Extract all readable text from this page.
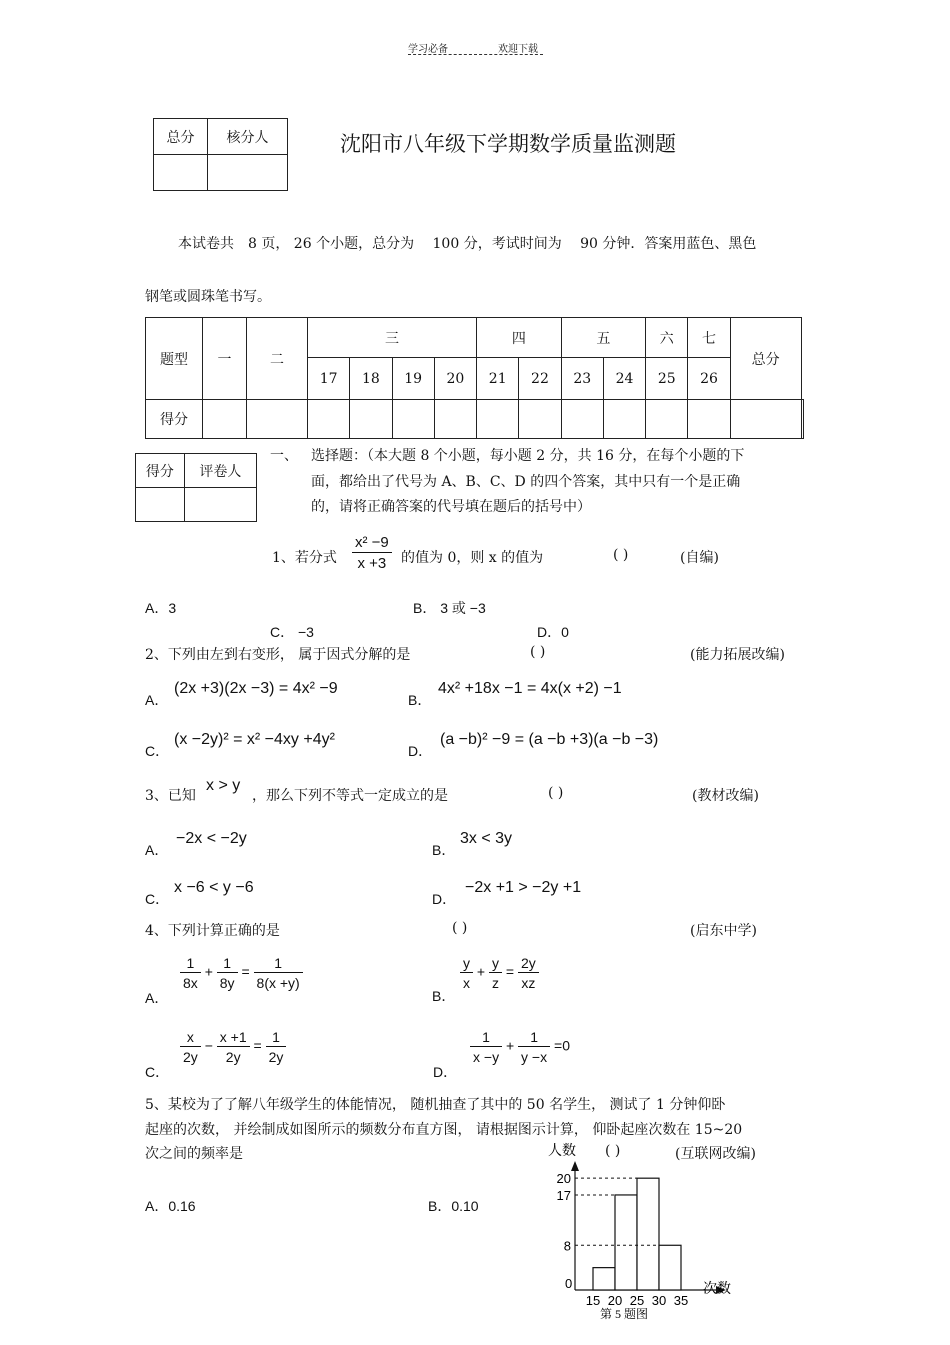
学习必备	欢迎下载
总分	核分人
		沈阳市八年级下学期数学质量监测题
本试卷共　8 页， 26 个小题，总分为　 100 分，考试时间为　 90 分钟．答案用蓝色、黑色
钢笔或圆珠笔书写。
题型	一	二	三				四		五		六	七	总分	
			17	18	19	20	21	22	23	24	25	26		
得分														
得分	评卷人

一、 选择题：（本大题 8 个小题，每小题 2 分，共 16 分，在每个小题的下
面，都给出了代号为 A、B、C、D 的四个答案，其中只有一个是正确
的，请将正确答案的代号填在题后的括号中）
1、若分式 $\frac{\text{x² −9}}{x +3}$ 的值为 0，则 x 的值为	( )	(自编)
A．3	B． 3 或 −3
C． −3	D．0
2、下列由左到右变形， 属于因式分解的是	( )	(能力拓展改编)
A．
(2x +3)(2x −3) = 4x² −9
B．
4x² +18x −1 = 4x(x +2) −1
C．
(x −2y)² = x² −4xy +4y²
D．
(a −b)² −9 = (a −b +3)(a −b −3)
3、已知
x > y
，那么下列不等式一定成立的是	( )	(教材改编)
A．
−2x < −2y
B．
3x < 3y
C．
x −6 < y −6
D．
−2x +1 > −2y +1
4、下列计算正确的是	( )	(启东中学)
A．
$\frac{1}{8x} + \frac{1}{8y} = \frac{1}{8(x +y)}$
B．
$\frac{y}{x} + \frac{y}{z} = \frac{2y}{xz}$
C．
$\frac{x}{2y} - \frac{x +1}{2y} = \frac{1}{2y}$
D．
$\frac{1}{x -y} + \frac{1}{y -x} =0$
5、某校为了了解八年级学生的体能情况， 随机抽查了其中的 50 名学生， 测试了 1 分钟仰卧
起座的次数， 并绘制成如图所示的频数分布直方图， 请根据图示计算， 仰卧起座次数在 15~20
次之间的频率是	( )	(互联网改编)
A．0.16	B．0.10
人数
0	次数
8
17
20
15 20 25 30 35
第 5 题图
